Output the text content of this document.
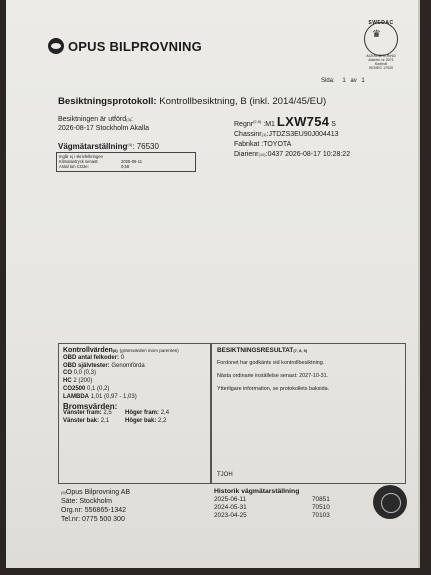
OPUS BILPROVNING
SWEDAC
♛
ACKREDITERING
Ackred. nr 2071
Kontroll
ISO/IEC 17020
Sida: 1 av 1
Besiktningsprotokoll: Kontrollbesiktning, B (inkl. 2014/45/EU)
Besiktningen är utförd$^{(3)}$:
2026-08-17 Stockholm Akalla
Vägmätarställning$^{(4)}$: 76530
Ingår ej i skrivfelkringen
Klimatavtryck senast:	2025-06-11
Antal ton CO2e:	0,59
Regnr$^{(2,5)}$ :M1 LXW754 S
Chassinr$^{(1)}$:JTDZS3EU90J004413
Fabrikat :TOYOTA
Diarienr$^{(10)}$:0437 2026-08-17 10:28:22
Kontrollvärden$^{(8)}$ (gränsvärden inom parentes)
OBD antal felkoder: 0
OBD självtester: Genomförda
CO 0,0 (0,3)
HC 2 (200)
CO2500 0,1 (0,2)
LAMBDA 1,01 (0,97 - 1,03)
Bromsvärden:
Vänster fram: 2,5	Höger fram: 2,4
Vänster bak: 2,1	Höger bak: 2,2
BESIKTNINGSRESULTAT$^{(7, 8, 9)}$

Fordonet har godkänts vid kontrollbesiktning.

Nästa ordinarie inställelse senast: 2027-10-31.

Ytterligare information, se protokollets baksida.

TJOH
$^{(9)}$Opus Bilprovning AB
Säte: Stockholm
Org.nr: 556865-1342
Tel.nr: 0775 500 300
Historik vägmätarställning
2025-06-11	70851
2024-05-31	70510
2023-04-25	70103
